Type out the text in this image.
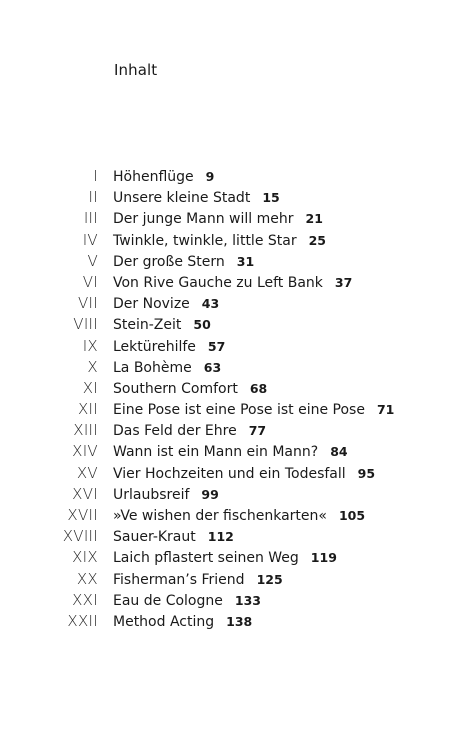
Inhalt
I Höhenflüge 9
II Unsere kleine Stadt 15
III Der junge Mann will mehr 21
IV Twinkle, twinkle, little Star 25
V Der große Stern 31
VI Von Rive Gauche zu Left Bank 37
VII Der Novize 43
VIII Stein-Zeit 50
IX Lektürehilfe 57
X La Bohème 63
XI Southern Comfort 68
XII Eine Pose ist eine Pose ist eine Pose 71
XIII Das Feld der Ehre 77
XIV Wann ist ein Mann ein Mann? 84
XV Vier Hochzeiten und ein Todesfall 95
XVI Urlaubsreif 99
XVII »Ve wishen der fischenkarten« 105
XVIII Sauer-Kraut 112
XIX Laich pflastert seinen Weg 119
XX Fisherman’s Friend 125
XXI Eau de Cologne 133
XXII Method Acting 138
